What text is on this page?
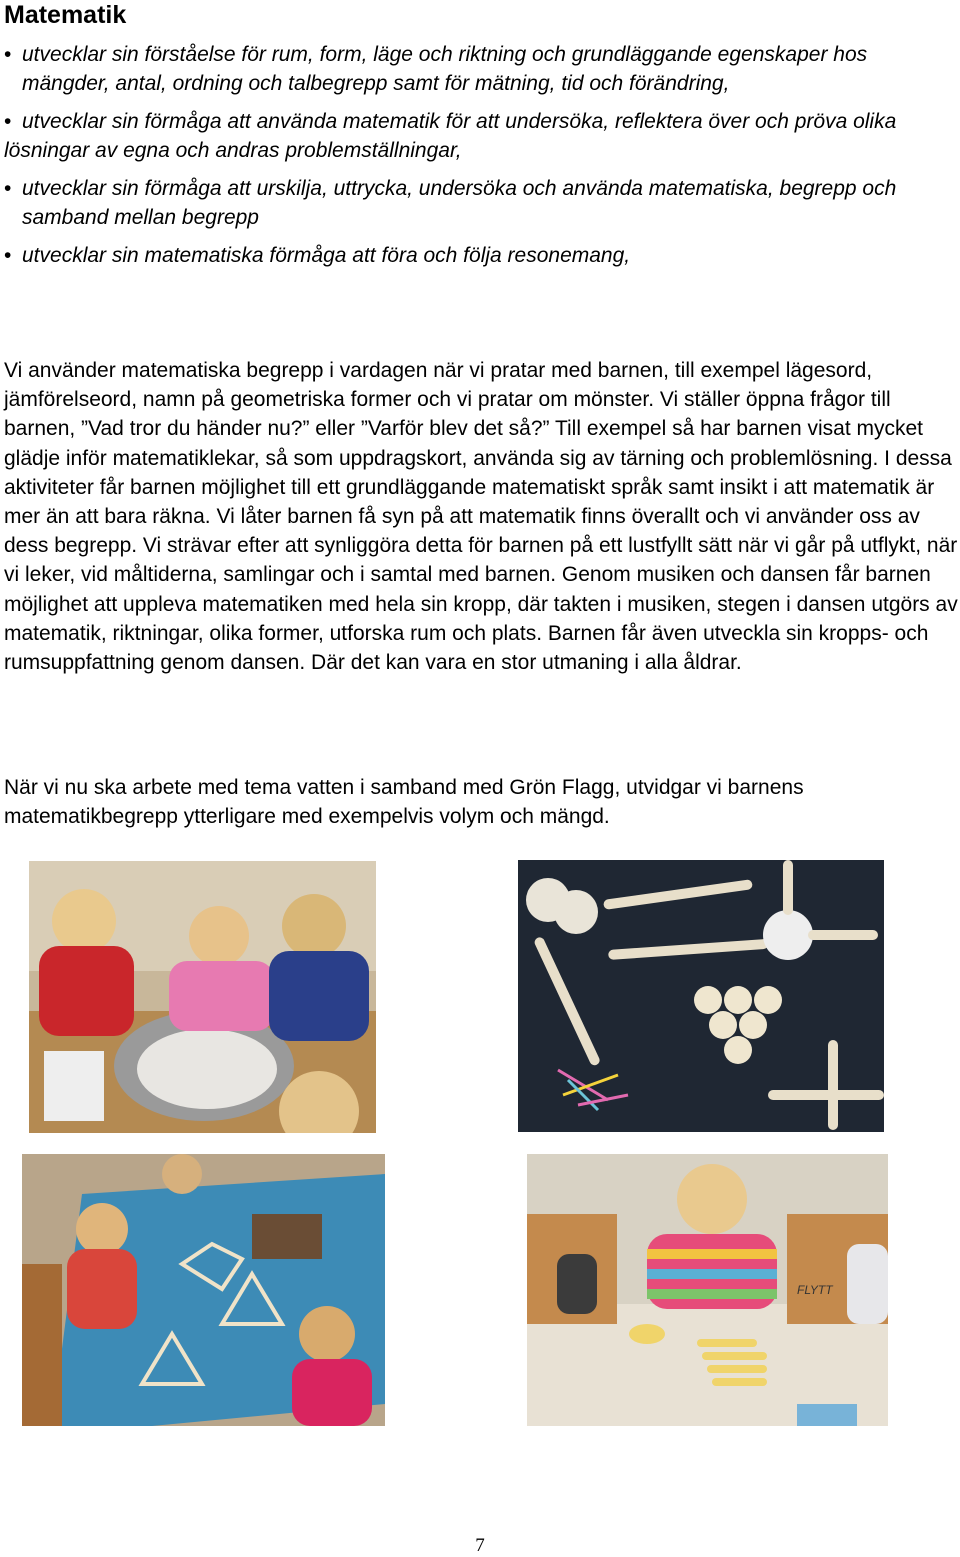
Matematik
• utvecklar sin förståelse för rum, form, läge och riktning och grundläggande egenskaper hos mängder, antal, ordning och talbegrepp samt för mätning, tid och förändring,
• utvecklar sin förmåga att använda matematik för att undersöka, reflektera över och pröva olika lösningar av egna och andras problemställningar,
• utvecklar sin förmåga att urskilja, uttrycka, undersöka och använda matematiska, begrepp och samband mellan begrepp
• utvecklar sin matematiska förmåga att föra och följa resonemang,
Vi använder matematiska begrepp i vardagen när vi pratar med barnen, till exempel lägesord, jämförelseord, namn på geometriska former och vi pratar om mönster. Vi ställer öppna frågor till barnen, ”Vad tror du händer nu?” eller ”Varför blev det så?” Till exempel så har barnen visat mycket glädje inför matematiklekar, så som uppdragskort, använda sig av tärning och problemlösning. I dessa aktiviteter får barnen möjlighet till ett grundläggande matematiskt språk samt insikt i att matematik är mer än att bara räkna. Vi låter barnen få syn på att matematik finns överallt och vi använder oss av dess begrepp. Vi strävar efter att synliggöra detta för barnen på ett lustfyllt sätt när vi går på utflykt, när vi leker, vid måltiderna, samlingar och i samtal med barnen. Genom musiken och dansen får barnen möjlighet att uppleva matematiken med hela sin kropp, där takten i musiken, stegen i dansen utgörs av matematik, riktningar, olika former, utforska rum och plats. Barnen får även utveckla sin kropps- och rumsuppfattning genom dansen. Där det kan vara en stor utmaning i alla åldrar.
När vi nu ska arbete med tema vatten i samband med Grön Flagg, utvidgar vi barnens matematikbegrepp ytterligare med exempelvis volym och mängd.
FLYTT
7
